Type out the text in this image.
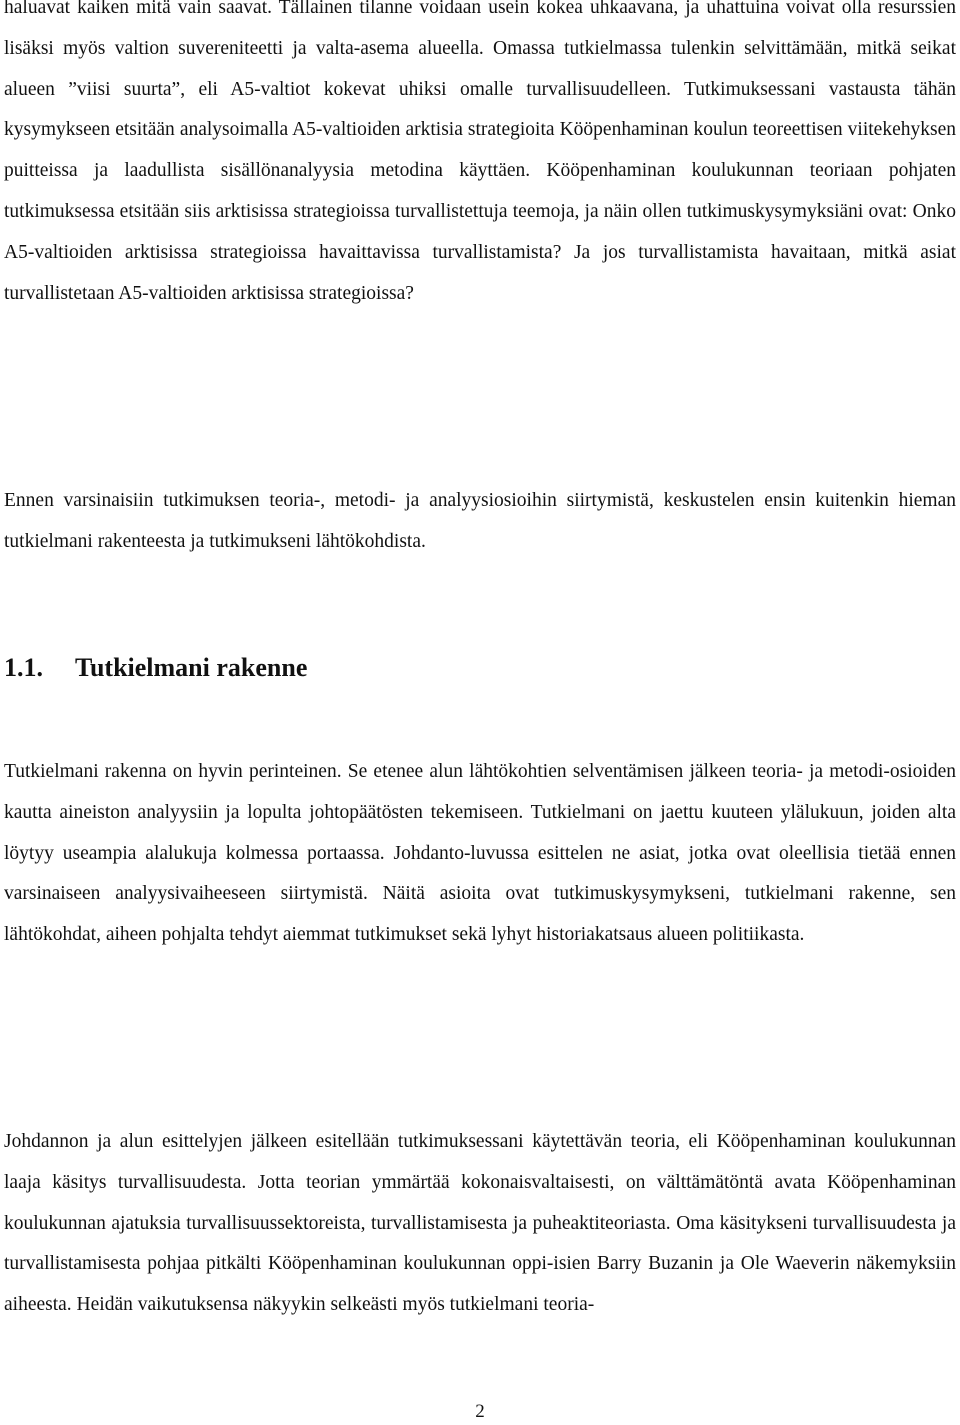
haluavat kaiken mitä vain saavat. Tällainen tilanne voidaan usein kokea uhkaavana, ja uhattuina voivat olla resurssien lisäksi myös valtion suvereniteetti ja valta-asema alueella. Omassa tutkielmassa tulenkin selvittämään, mitkä seikat alueen ”viisi suurta”, eli A5-valtiot kokevat uhiksi omalle turvallisuudelleen. Tutkimuksessani vastausta tähän kysymykseen etsitään analysoimalla A5-valtioiden arktisia strategioita Kööpenhaminan koulun teoreettisen viitekehyksen puitteissa ja laadullista sisällönanalyysia metodina käyttäen. Kööpenhaminan koulukunnan teoriaan pohjaten tutkimuksessa etsitään siis arktisissa strategioissa turvallistettuja teemoja, ja näin ollen tutkimuskysymyksiäni ovat: Onko A5-valtioiden arktisissa strategioissa havaittavissa turvallistamista? Ja jos turvallistamista havaitaan, mitkä asiat turvallistetaan A5-valtioiden arktisissa strategioissa?

Ennen varsinaisiin tutkimuksen teoria-, metodi- ja analyysiosioihin siirtymistä, keskustelen ensin kuitenkin hieman tutkielmani rakenteesta ja tutkimukseni lähtökohdista.

1.1. Tutkielmani rakenne

Tutkielmani rakenna on hyvin perinteinen. Se etenee alun lähtökohtien selventämisen jälkeen teoria- ja metodi-osioiden kautta aineiston analyysiin ja lopulta johtopäätösten tekemiseen. Tutkielmani on jaettu kuuteen ylälukuun, joiden alta löytyy useampia alalukuja kolmessa portaassa. Johdanto-luvussa esittelen ne asiat, jotka ovat oleellisia tietää ennen varsinaiseen analyysivaiheeseen siirtymistä. Näitä asioita ovat tutkimuskysymykseni, tutkielmani rakenne, sen lähtökohdat, aiheen pohjalta tehdyt aiemmat tutkimukset sekä lyhyt historiakatsaus alueen politiikasta.

Johdannon ja alun esittelyjen jälkeen esitellään tutkimuksessani käytettävän teoria, eli Kööpenhaminan koulukunnan laaja käsitys turvallisuudesta. Jotta teorian ymmärtää kokonaisvaltaisesti, on välttämätöntä avata Kööpenhaminan koulukunnan ajatuksia turvallisuussektoreista, turvallistamisesta ja puheaktiteoriasta. Oma käsitykseni turvallisuudesta ja turvallistamisesta pohjaa pitkälti Kööpenhaminan koulukunnan oppi-isien Barry Buzanin ja Ole Waeverin näkemyksiin aiheesta. Heidän vaikutuksensa näkyykin selkeästi myös tutkielmani teoria-

2
